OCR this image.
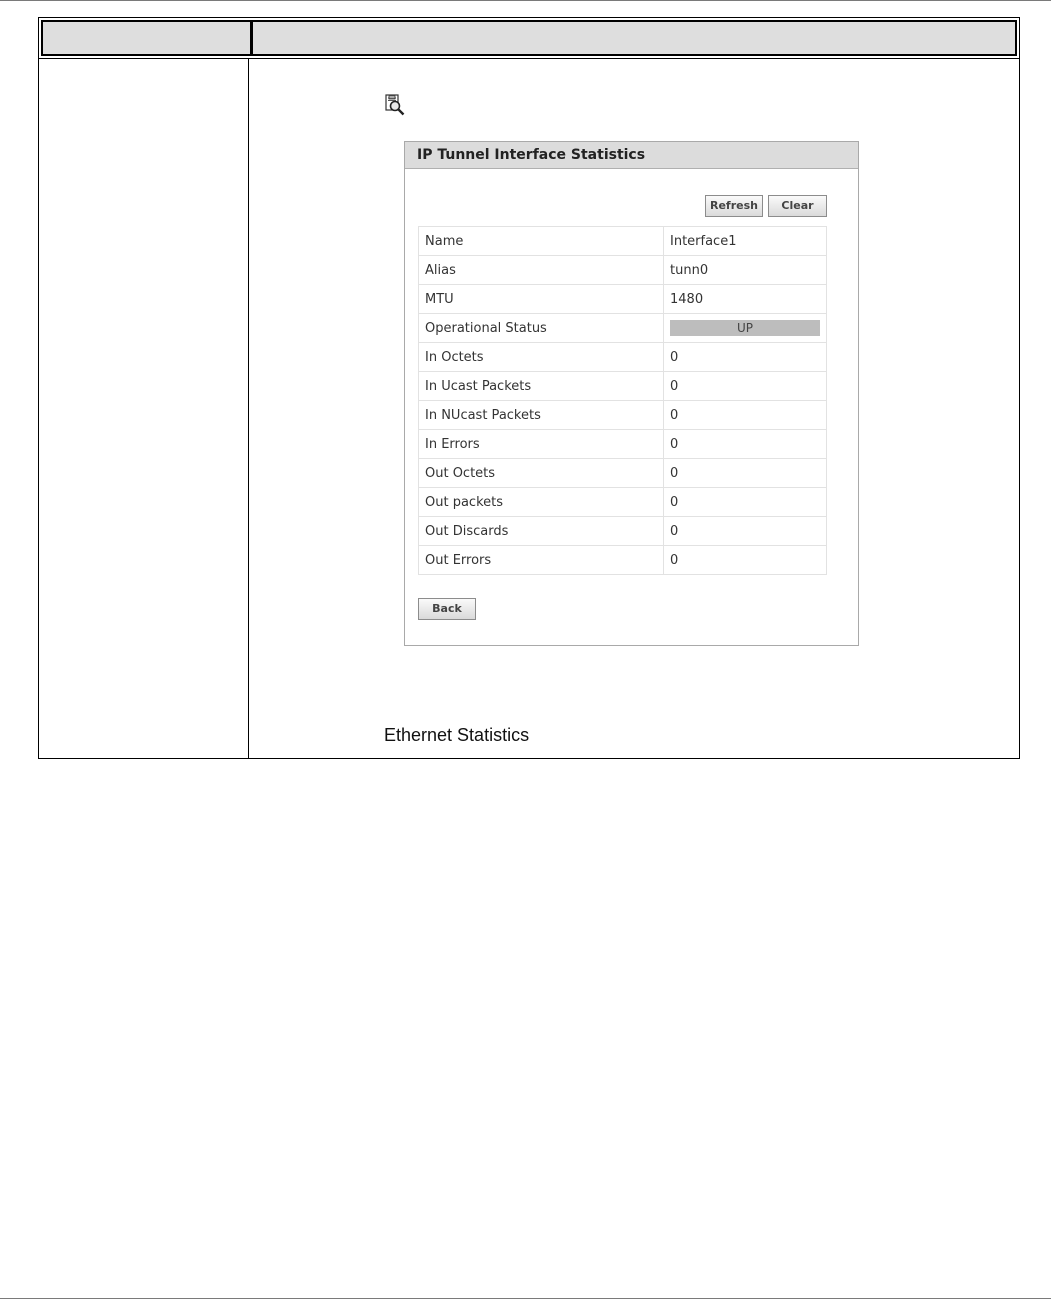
IP Tunnel Interface Statistics
Refresh	Clear
Name	Interface1
Alias	tunn0
MTU	1480
Operational Status	UP

In Octets	0
In Ucast Packets	0
In NUcast Packets	0
In Errors	0
Out Octets	0
Out packets	0
Out Discards	0
Out Errors	0
Back
Ethernet Statistics
